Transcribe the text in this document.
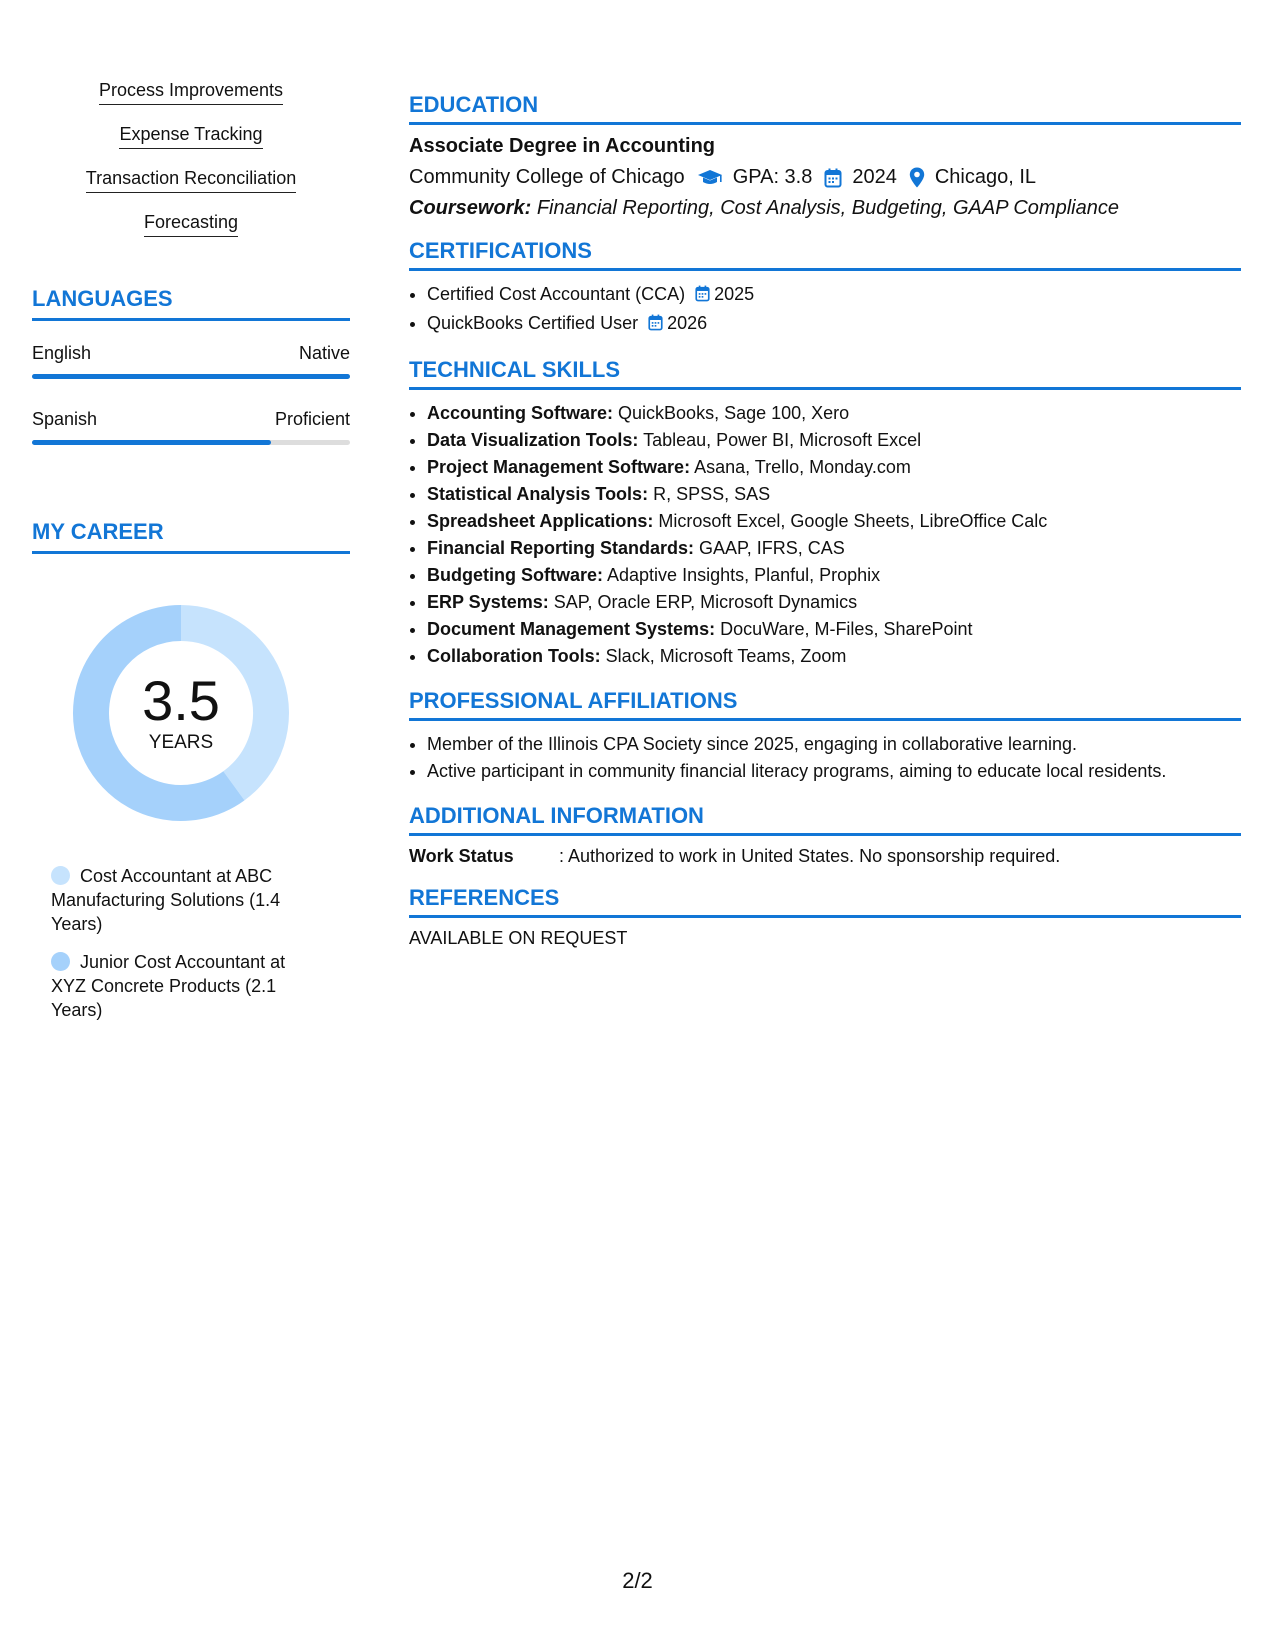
Process Improvements
Expense Tracking
Transaction Reconciliation
Forecasting
LANGUAGES
English	Native
Spanish	Proficient
MY CAREER
3.5
YEARS
Cost Accountant at ABC Manufacturing Solutions (1.4 Years)
Junior Cost Accountant at XYZ Concrete Products (2.1 Years)
EDUCATION
Associate Degree in Accounting
Community College of Chicago GPA: 3.8 2024 Chicago, IL
Coursework: Financial Reporting, Cost Analysis, Budgeting, GAAP Compliance
CERTIFICATIONS
• Certified Cost Accountant (CCA) 2025
• QuickBooks Certified User 2026
TECHNICAL SKILLS
• Accounting Software: QuickBooks, Sage 100, Xero
• Data Visualization Tools: Tableau, Power BI, Microsoft Excel
• Project Management Software: Asana, Trello, Monday.com
• Statistical Analysis Tools: R, SPSS, SAS
• Spreadsheet Applications: Microsoft Excel, Google Sheets, LibreOffice Calc
• Financial Reporting Standards: GAAP, IFRS, CAS
• Budgeting Software: Adaptive Insights, Planful, Prophix
• ERP Systems: SAP, Oracle ERP, Microsoft Dynamics
• Document Management Systems: DocuWare, M-Files, SharePoint
• Collaboration Tools: Slack, Microsoft Teams, Zoom
PROFESSIONAL AFFILIATIONS
• Member of the Illinois CPA Society since 2025, engaging in collaborative learning.
• Active participant in community financial literacy programs, aiming to educate local residents.
ADDITIONAL INFORMATION
Work Status	: Authorized to work in United States. No sponsorship required.
REFERENCES
AVAILABLE ON REQUEST
2/2
